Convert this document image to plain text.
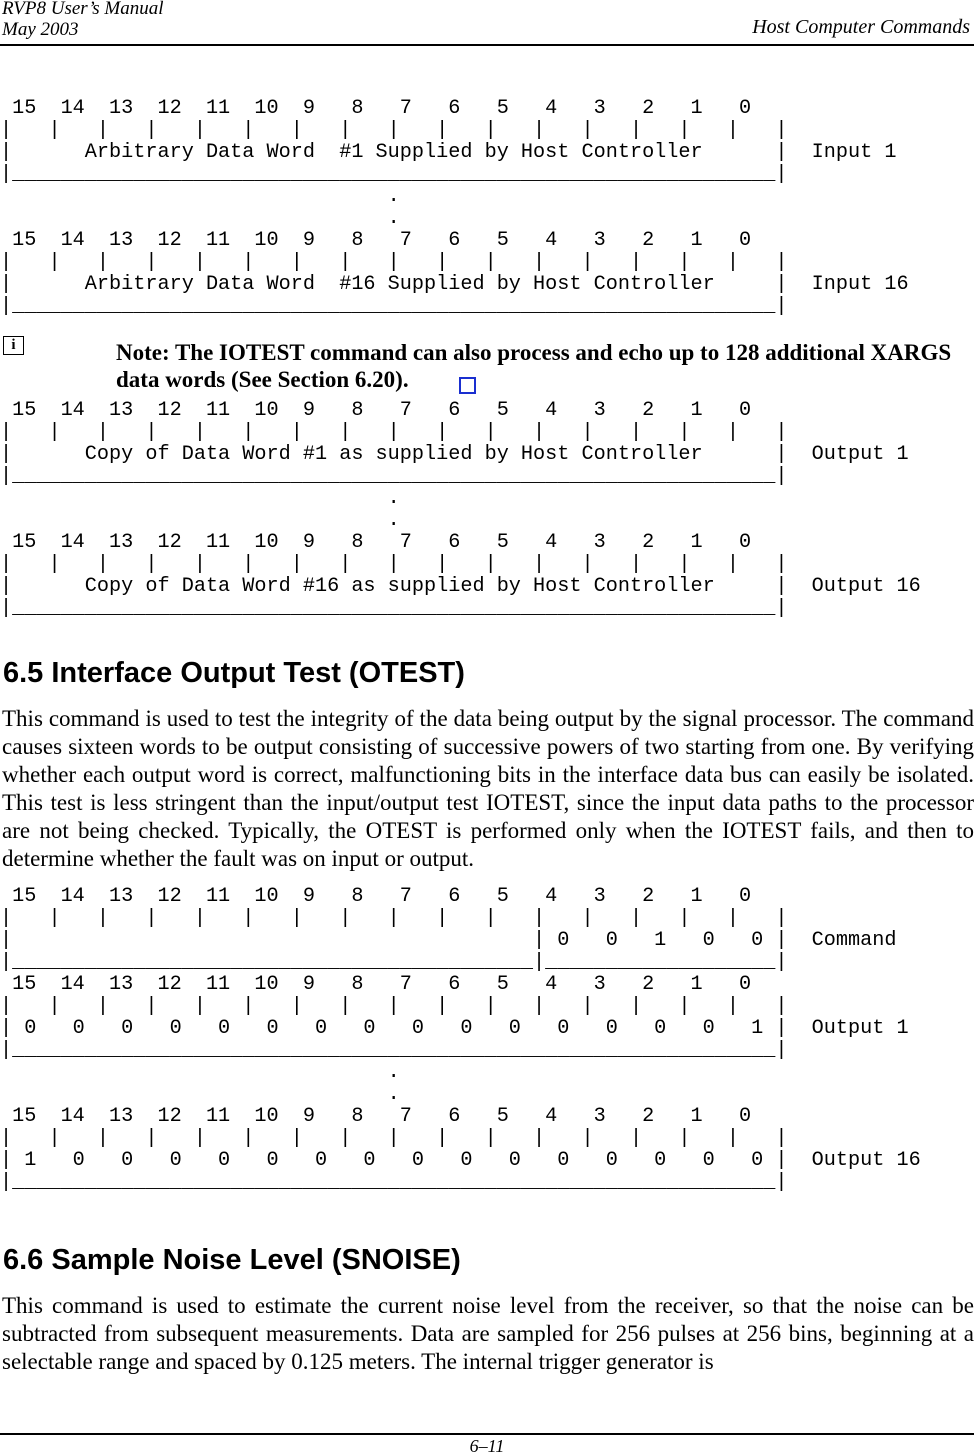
RVP8 User’s Manual
May 2003	Host Computer Commands
15  14  13  12  11  10  9   8   7   6   5   4   3   2   1   0
|   |   |   |   |   |   |   |   |   |   |   |   |   |   |   |   |
|      Arbitrary Data Word  #1 Supplied by Host Controller      |  Input 1
|_______________________________________________________________|
.
.
15  14  13  12  11  10  9   8   7   6   5   4   3   2   1   0
|   |   |   |   |   |   |   |   |   |   |   |   |   |   |   |   |
|      Arbitrary Data Word  #16 Supplied by Host Controller     |  Input 16
|_______________________________________________________________|
i	Note: The IOTEST command can also process and echo up to 128 additional XARGS data words (See Section 6.20).
15  14  13  12  11  10  9   8   7   6   5   4   3   2   1   0
|   |   |   |   |   |   |   |   |   |   |   |   |   |   |   |   |
|      Copy of Data Word #1 as supplied by Host Controller      |  Output 1
|_______________________________________________________________|
.
.
15  14  13  12  11  10  9   8   7   6   5   4   3   2   1   0
|   |   |   |   |   |   |   |   |   |   |   |   |   |   |   |   |
|      Copy of Data Word #16 as supplied by Host Controller     |  Output 16
|_______________________________________________________________|
6.5 Interface Output Test (OTEST)

This command is used to test the integrity of the data being output by the signal processor. The command causes sixteen words to be output consisting of successive powers of two starting from one. By verifying whether each output word is correct, malfunctioning bits in the interface data bus can easily be isolated. This test is less stringent than the input/output test IOTEST, since the input data paths to the processor are not being checked. Typically, the OTEST is performed only when the IOTEST fails, and then to determine whether the fault was on input or output.

15  14  13  12  11  10  9   8   7   6   5   4   3   2   1   0
|   |   |   |   |   |   |   |   |   |   |   |   |   |   |   |   |
|                                           | 0   0   1   0   0 |  Command
|___________________________________________|___________________|
15  14  13  12  11  10  9   8   7   6   5   4   3   2   1   0
|   |   |   |   |   |   |   |   |   |   |   |   |   |   |   |   |
| 0   0   0   0   0   0   0   0   0   0   0   0   0   0   0   1 |  Output 1
|_______________________________________________________________|
.
.
15  14  13  12  11  10  9   8   7   6   5   4   3   2   1   0
|   |   |   |   |   |   |   |   |   |   |   |   |   |   |   |   |
| 1   0   0   0   0   0   0   0   0   0   0   0   0   0   0   0 |  Output 16
|_______________________________________________________________|
6.6 Sample Noise Level (SNOISE)

This command is used to estimate the current noise level from the receiver, so that the noise can be subtracted from subsequent measurements. Data are sampled for 256 pulses at 256 bins, beginning at a selectable range and spaced by 0.125 meters. The internal trigger generator is

6–11
